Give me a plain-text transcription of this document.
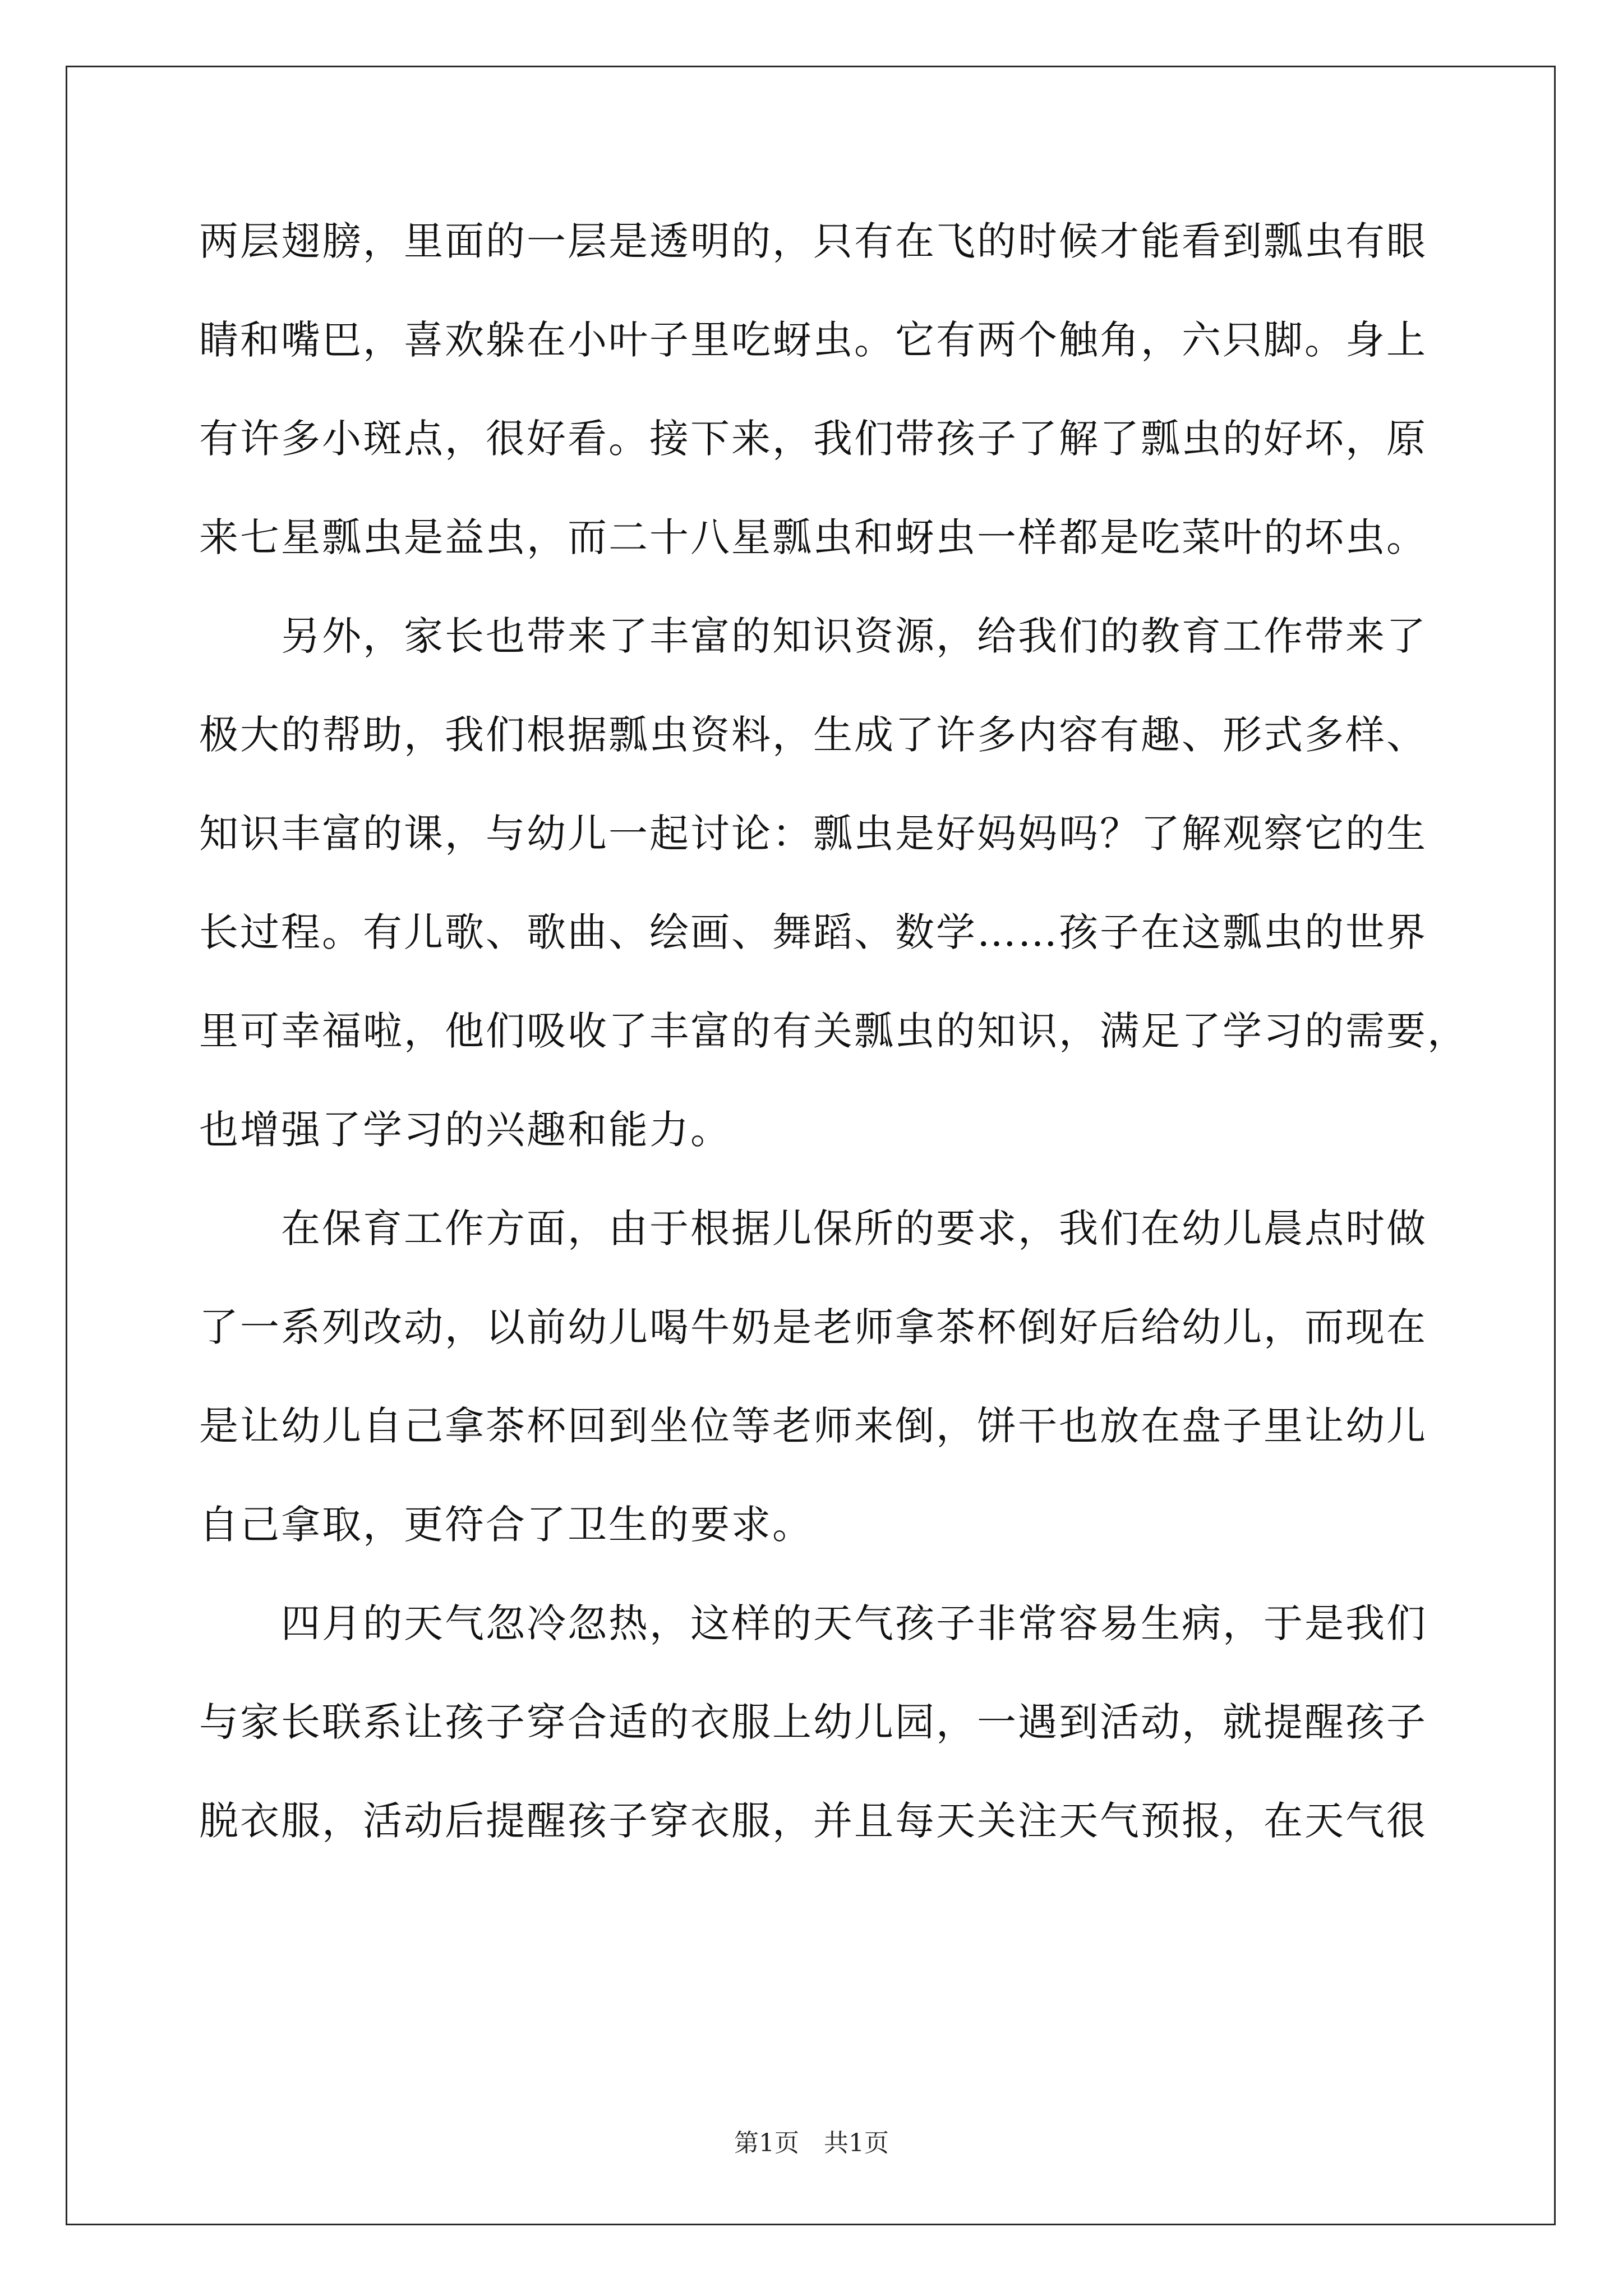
两层翅膀，里面的一层是透明的，只有在飞的时候才能看到瓢虫有眼
睛和嘴巴，喜欢躲在小叶子里吃蚜虫。它有两个触角，六只脚。身上
有许多小斑点，很好看。接下来，我们带孩子了解了瓢虫的好坏，原
来七星瓢虫是益虫，而二十八星瓢虫和蚜虫一样都是吃菜叶的坏虫。
　　另外，家长也带来了丰富的知识资源，给我们的教育工作带来了
极大的帮助，我们根据瓢虫资料，生成了许多内容有趣、形式多样、
知识丰富的课，与幼儿一起讨论：瓢虫是好妈妈吗？了解观察它的生
长过程。有儿歌、歌曲、绘画、舞蹈、数学……孩子在这瓢虫的世界
里可幸福啦，他们吸收了丰富的有关瓢虫的知识，满足了学习的需要，
也增强了学习的兴趣和能力。
　　在保育工作方面，由于根据儿保所的要求，我们在幼儿晨点时做
了一系列改动，以前幼儿喝牛奶是老师拿茶杯倒好后给幼儿，而现在
是让幼儿自己拿茶杯回到坐位等老师来倒，饼干也放在盘子里让幼儿
自己拿取，更符合了卫生的要求。
　　四月的天气忽冷忽热，这样的天气孩子非常容易生病，于是我们
与家长联系让孩子穿合适的衣服上幼儿园，一遇到活动，就提醒孩子
脱衣服，活动后提醒孩子穿衣服，并且每天关注天气预报，在天气很
第1页　共1页
